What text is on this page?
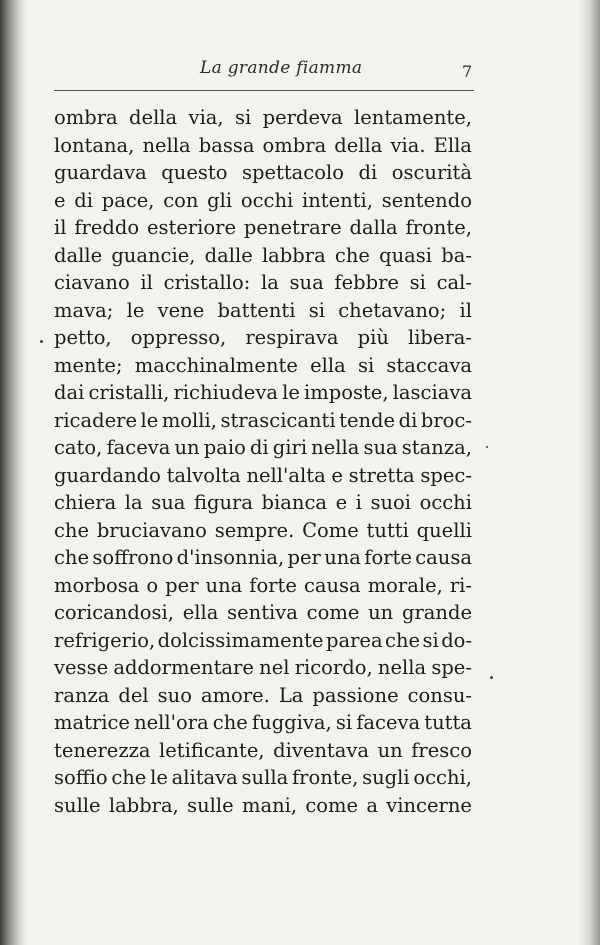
La grande fiamma	7
ombra della via, si perdeva lentamente,
lontana, nella bassa ombra della via. Ella
guardava questo spettacolo di oscurità
e di pace, con gli occhi intenti, sentendo
il freddo esteriore penetrare dalla fronte,
dalle guancie, dalle labbra che quasi ba-
ciavano il cristallo: la sua febbre si cal-
mava; le vene battenti si chetavano; il
petto, oppresso, respirava più libera-
mente; macchinalmente ella si staccava
dai cristalli, richiudeva le imposte, lasciava
ricadere le molli, strascicanti tende di broc-
cato, faceva un paio di giri nella sua stanza,
guardando talvolta nell'alta e stretta spec-
chiera la sua figura bianca e i suoi occhi
che bruciavano sempre. Come tutti quelli
che soffrono d'insonnia, per una forte causa
morbosa o per una forte causa morale, ri-
coricandosi, ella sentiva come un grande
refrigerio, dolcissimamente parea che si do-
vesse addormentare nel ricordo, nella spe-
ranza del suo amore. La passione consu-
matrice nell'ora che fuggiva, si faceva tutta
tenerezza letificante, diventava un fresco
soffio che le alitava sulla fronte, sugli occhi,
sulle labbra, sulle mani, come a vincerne
